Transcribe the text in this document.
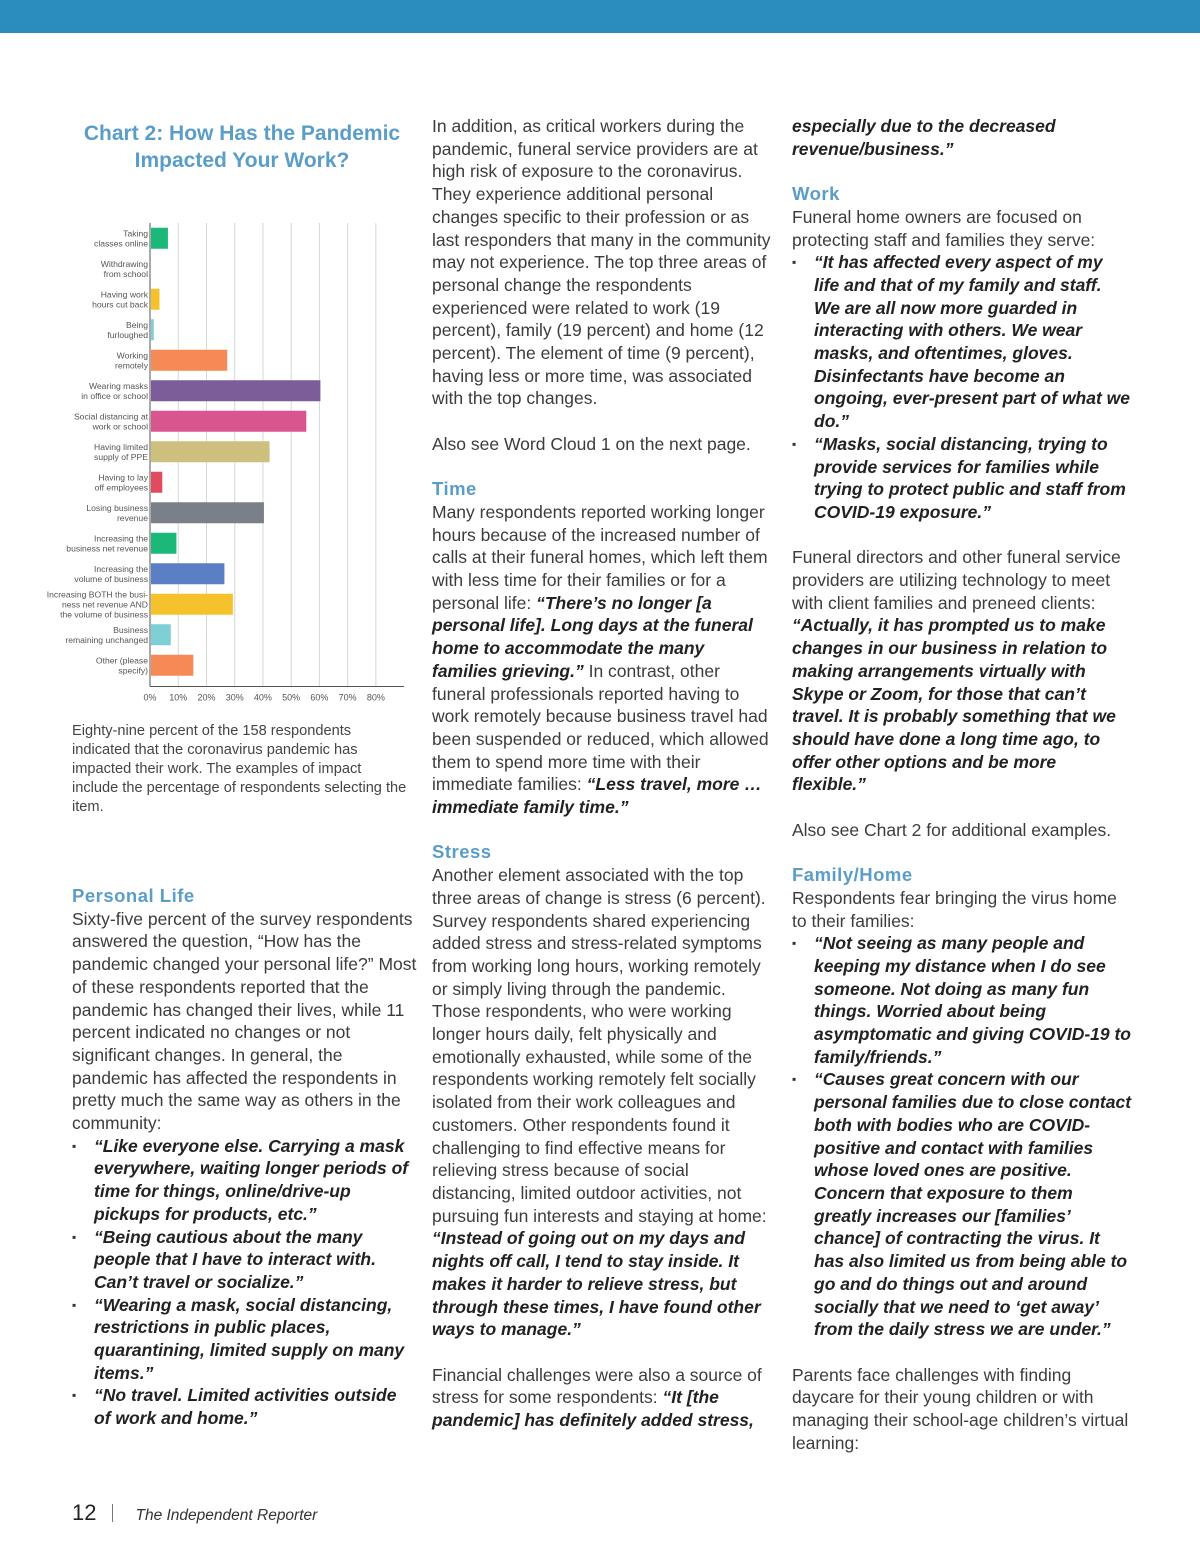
Chart 2: How Has the Pandemic Impacted Your Work?
0% 10% 20% 30% 40% 50% 60% 70% 80%
Taking classes online
Withdrawing from school
Having work hours cut back
Being furloughed
Working remotely
Wearing masks in office or school
Social distancing at work or school
Having limited supply of PPE
Having to lay off employees
Losing business revenue
Increasing the business net revenue
Increasing the volume of business
Increasing BOTH the busi-ness net revenue AND the volume of business
Business remaining unchanged
Other (please specify)

Eighty-nine percent of the 158 respondents indicated that the coronavirus pandemic has impacted their work. The examples of impact include the percentage of respondents selecting the item.

Personal Life

Sixty-five percent of the survey respondents answered the question, “How has the pandemic changed your personal life?” Most of these respondents reported that the pandemic has changed their lives, while 11 percent indicated no changes or not significant changes. In general, the pandemic has affected the respondents in pretty much the same way as others in the community:

▪ “Like everyone else. Carrying a mask everywhere, waiting longer periods of time for things, online/drive-up pickups for products, etc.”
▪ “Being cautious about the many people that I have to interact with. Can’t travel or socialize.”
▪ “Wearing a mask, social distancing, restrictions in public places, quarantining, limited supply on many items.”
▪ “No travel. Limited activities outside of work and home.”

In addition, as critical workers during the pandemic, funeral service providers are at high risk of exposure to the coronavirus. They experience additional personal changes specific to their profession or as last responders that many in the community may not experience. The top three areas of personal change the respondents experienced were related to work (19 percent), family (19 percent) and home (12 percent). The element of time (9 percent), having less or more time, was associated with the top changes.

Also see Word Cloud 1 on the next page.

Time

Many respondents reported working longer hours because of the increased number of calls at their funeral homes, which left them with less time for their families or for a personal life: “There’s no longer [a personal life]. Long days at the funeral home to accommodate the many families grieving.” In contrast, other funeral professionals reported having to work remotely because business travel had been suspended or reduced, which allowed them to spend more time with their immediate families: “Less travel, more … immediate family time.”

Stress

Another element associated with the top three areas of change is stress (6 percent). Survey respondents shared experiencing added stress and stress-related symptoms from working long hours, working remotely or simply living through the pandemic. Those respondents, who were working longer hours daily, felt physically and emotionally exhausted, while some of the respondents working remotely felt socially isolated from their work colleagues and customers. Other respondents found it challenging to find effective means for relieving stress because of social distancing, limited outdoor activities, not pursuing fun interests and staying at home: “Instead of going out on my days and nights off call, I tend to stay inside. It makes it harder to relieve stress, but through these times, I have found other ways to manage.”

Financial challenges were also a source of stress for some respondents: “It [the pandemic] has definitely added stress,

especially due to the decreased revenue/business.”

Work

Funeral home owners are focused on protecting staff and families they serve:

▪ “It has affected every aspect of my life and that of my family and staff. We are all now more guarded in interacting with others. We wear masks, and oftentimes, gloves. Disinfectants have become an ongoing, ever-present part of what we do.”
▪ “Masks, social distancing, trying to provide services for families while trying to protect public and staff from COVID-19 exposure.”

Funeral directors and other funeral service providers are utilizing technology to meet with client families and preneed clients: “Actually, it has prompted us to make changes in our business in relation to making arrangements virtually with Skype or Zoom, for those that can’t travel. It is probably something that we should have done a long time ago, to offer other options and be more flexible.”

Also see Chart 2 for additional examples.

Family/Home

Respondents fear bringing the virus home to their families:

▪ “Not seeing as many people and keeping my distance when I do see someone. Not doing as many fun things. Worried about being asymptomatic and giving COVID-19 to family/friends.”
▪ “Causes great concern with our personal families due to close contact both with bodies who are COVID-positive and contact with families whose loved ones are positive. Concern that exposure to them greatly increases our [families’ chance] of contracting the virus. It has also limited us from being able to go and do things out and around socially that we need to ‘get away’ from the daily stress we are under.”

Parents face challenges with finding daycare for their young children or with managing their school-age children’s virtual learning:

12	The Independent Reporter
